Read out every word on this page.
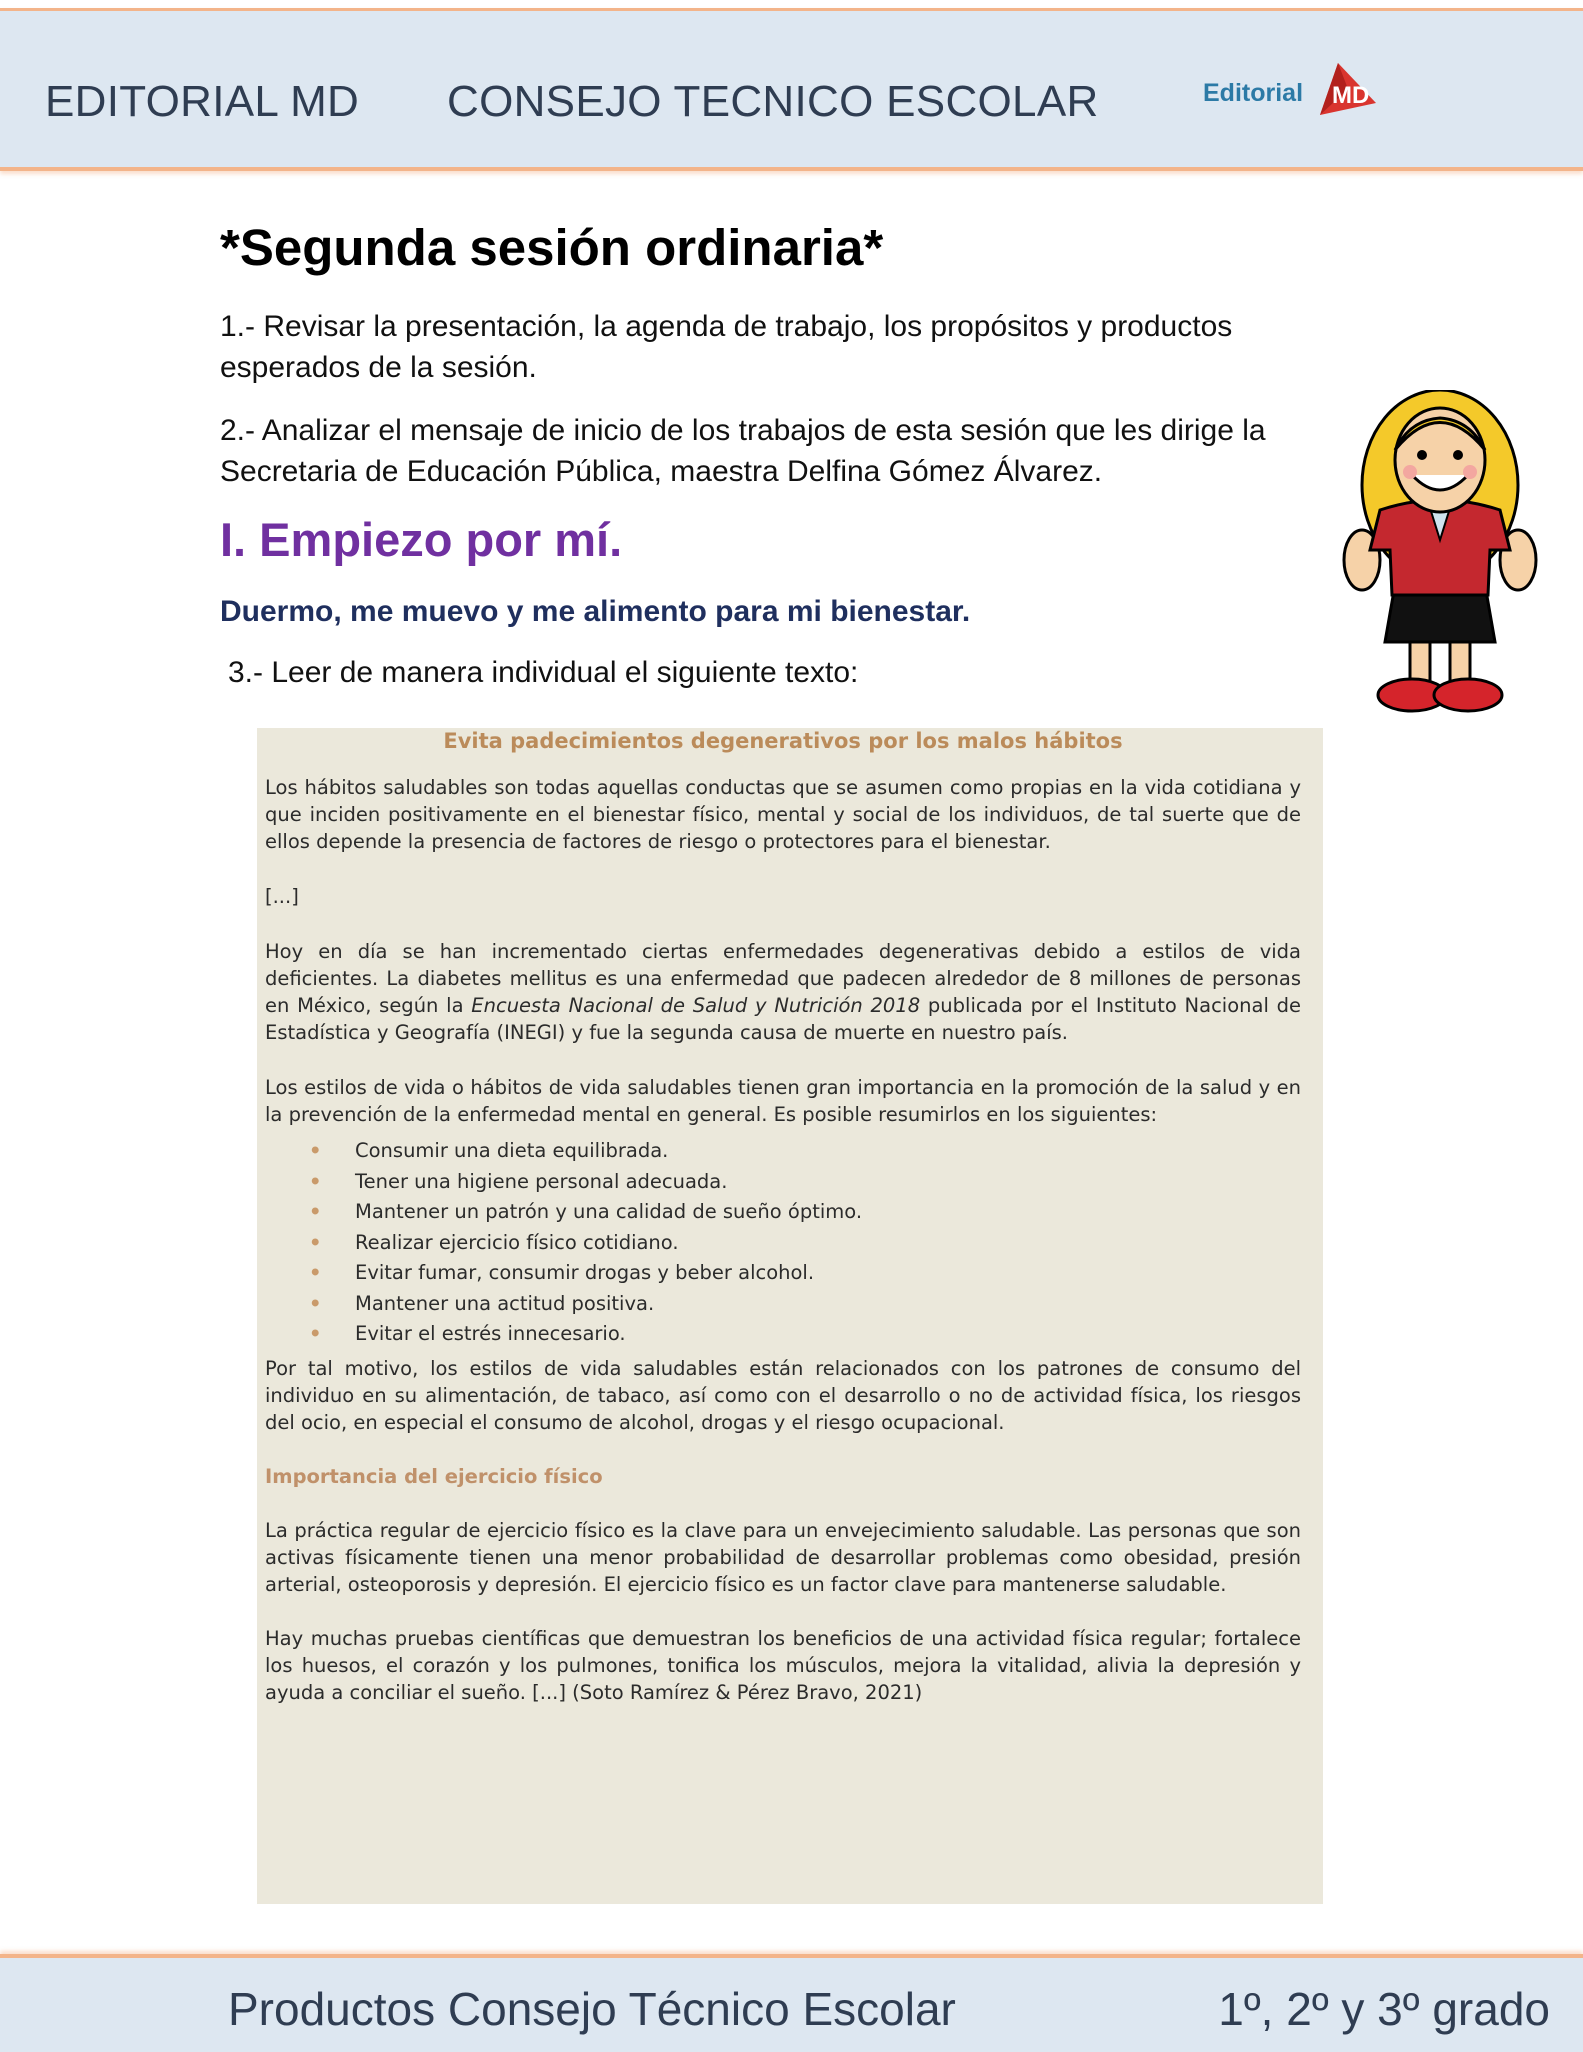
EDITORIAL MD CONSEJO TECNICO ESCOLAR	Editorial MD
*Segunda sesión ordinaria*
1.- Revisar la presentación, la agenda de trabajo, los propósitos y productos esperados de la sesión.
2.- Analizar el mensaje de inicio de los trabajos de esta sesión que les dirige la Secretaria de Educación Pública, maestra Delfina Gómez Álvarez.
I. Empiezo por mí.
Duermo, me muevo y me alimento para mi bienestar.
3.- Leer de manera individual el siguiente texto:
Evita padecimientos degenerativos por los malos hábitos

Los hábitos saludables son todas aquellas conductas que se asumen como propias en la vida cotidiana y que inciden positivamente en el bienestar físico, mental y social de los individuos, de tal suerte que de ellos depende la presencia de factores de riesgo o protectores para el bienestar.

[...]

Hoy en día se han incrementado ciertas enfermedades degenerativas debido a estilos de vida deficientes. La diabetes mellitus es una enfermedad que padecen alrededor de 8 millones de personas en México, según la Encuesta Nacional de Salud y Nutrición 2018 publicada por el Instituto Nacional de Estadística y Geografía (INEGI) y fue la segunda causa de muerte en nuestro país.

Los estilos de vida o hábitos de vida saludables tienen gran importancia en la promoción de la salud y en la prevención de la enfermedad mental en general. Es posible resumirlos en los siguientes:

• Consumir una dieta equilibrada.
• Tener una higiene personal adecuada.
• Mantener un patrón y una calidad de sueño óptimo.
• Realizar ejercicio físico cotidiano.
• Evitar fumar, consumir drogas y beber alcohol.
• Mantener una actitud positiva.
• Evitar el estrés innecesario.

Por tal motivo, los estilos de vida saludables están relacionados con los patrones de consumo del individuo en su alimentación, de tabaco, así como con el desarrollo o no de actividad física, los riesgos del ocio, en especial el consumo de alcohol, drogas y el riesgo ocupacional.

Importancia del ejercicio físico

La práctica regular de ejercicio físico es la clave para un envejecimiento saludable. Las personas que son activas físicamente tienen una menor probabilidad de desarrollar problemas como obesidad, presión arterial, osteoporosis y depresión. El ejercicio físico es un factor clave para mantenerse saludable.

Hay muchas pruebas científicas que demuestran los beneficios de una actividad física regular; fortalece los huesos, el corazón y los pulmones, tonifica los músculos, mejora la vitalidad, alivia la depresión y ayuda a conciliar el sueño. [...] (Soto Ramírez & Pérez Bravo, 2021)

Productos Consejo Técnico Escolar	1º, 2º y 3º grado
